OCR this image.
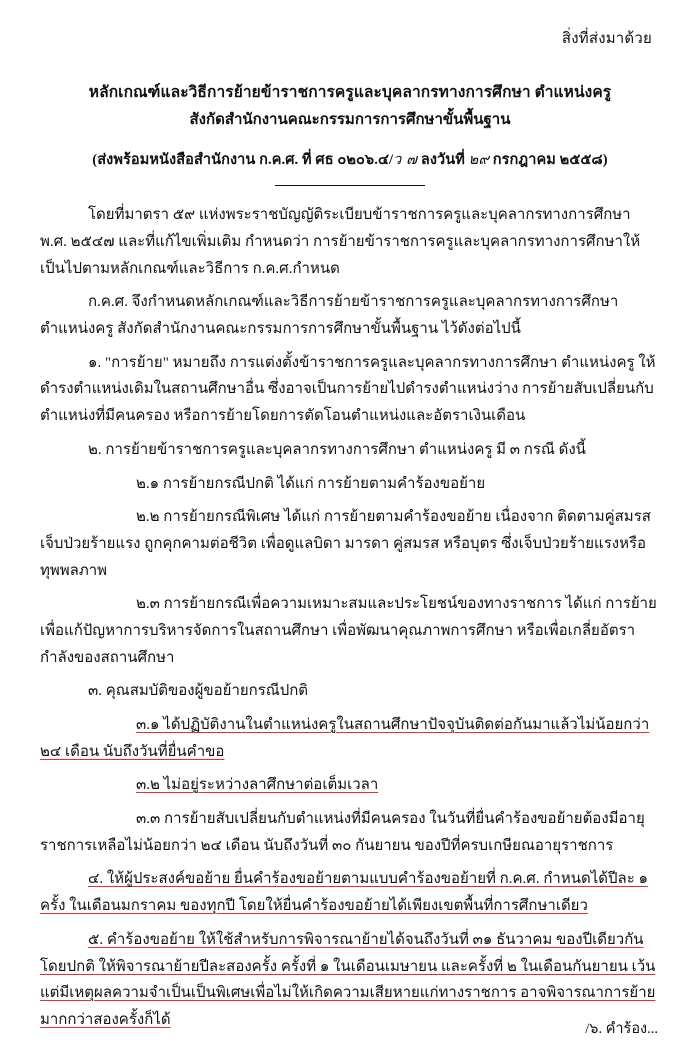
สิ่งที่ส่งมาด้วย
หลักเกณฑ์และวิธีการย้ายข้าราชการครูและบุคลากรทางการศึกษา ตำแหน่งครู
สังกัดสำนักงานคณะกรรมการการศึกษาขั้นพื้นฐาน
(ส่งพร้อมหนังสือสำนักงาน ก.ค.ศ. ที่ ศธ ๐๒๐๖.๔/ว ๗ ลงวันที่ ๒๙ กรกฎาคม ๒๕๕๘)

โดยที่มาตรา ๕๙ แห่งพระราชบัญญัติระเบียบข้าราชการครูและบุคลากรทางการศึกษา พ.ศ. ๒๕๔๗ และที่แก้ไขเพิ่มเติม กำหนดว่า การย้ายข้าราชการครูและบุคลากรทางการศึกษาให้เป็นไปตามหลักเกณฑ์และวิธีการ ก.ค.ศ.กำหนด

ก.ค.ศ. จึงกำหนดหลักเกณฑ์และวิธีการย้ายข้าราชการครูและบุคลากรทางการศึกษา ตำแหน่งครู สังกัดสำนักงานคณะกรรมการการศึกษาขั้นพื้นฐาน ไว้ดังต่อไปนี้

๑. "การย้าย" หมายถึง การแต่งตั้งข้าราชการครูและบุคลากรทางการศึกษา ตำแหน่งครู ให้ดำรงตำแหน่งเดิมในสถานศึกษาอื่น ซึ่งอาจเป็นการย้ายไปดำรงตำแหน่งว่าง การย้ายสับเปลี่ยนกับตำแหน่งที่มีคนครอง หรือการย้ายโดยการตัดโอนตำแหน่งและอัตราเงินเดือน

๒. การย้ายข้าราชการครูและบุคลากรทางการศึกษา ตำแหน่งครู มี ๓ กรณี ดังนี้

๒.๑ การย้ายกรณีปกติ ได้แก่ การย้ายตามคำร้องขอย้าย

๒.๒ การย้ายกรณีพิเศษ ได้แก่ การย้ายตามคำร้องขอย้าย เนื่องจาก ติดตามคู่สมรส เจ็บป่วยร้ายแรง ถูกคุกคามต่อชีวิต เพื่อดูแลบิดา มารดา คู่สมรส หรือบุตร ซึ่งเจ็บป่วยร้ายแรงหรือทุพพลภาพ

๒.๓ การย้ายกรณีเพื่อความเหมาะสมและประโยชน์ของทางราชการ ได้แก่ การย้ายเพื่อแก้ปัญหาการบริหารจัดการในสถานศึกษา เพื่อพัฒนาคุณภาพการศึกษา หรือเพื่อเกลี่ยอัตรากำลังของสถานศึกษา

๓. คุณสมบัติของผู้ขอย้ายกรณีปกติ

๓.๑ ได้ปฏิบัติงานในตำแหน่งครูในสถานศึกษาปัจจุบันติดต่อกันมาแล้วไม่น้อยกว่า ๒๔ เดือน นับถึงวันที่ยื่นคำขอ

๓.๒ ไม่อยู่ระหว่างลาศึกษาต่อเต็มเวลา

๓.๓ การย้ายสับเปลี่ยนกับตำแหน่งที่มีคนครอง ในวันที่ยื่นคำร้องขอย้ายต้องมีอายุราชการเหลือไม่น้อยกว่า ๒๔ เดือน นับถึงวันที่ ๓๐ กันยายน ของปีที่ครบเกษียณอายุราชการ

๔. ให้ผู้ประสงค์ขอย้าย ยื่นคำร้องขอย้ายตามแบบคำร้องขอย้ายที่ ก.ค.ศ. กำหนดได้ปีละ ๑ ครั้ง ในเดือนมกราคม ของทุกปี โดยให้ยื่นคำร้องขอย้ายได้เพียงเขตพื้นที่การศึกษาเดียว

๕. คำร้องขอย้าย ให้ใช้สำหรับการพิจารณาย้ายได้จนถึงวันที่ ๓๑ ธันวาคม ของปีเดียวกัน โดยปกติ ให้พิจารณาย้ายปีละสองครั้ง ครั้งที่ ๑ ในเดือนเมษายน และครั้งที่ ๒ ในเดือนกันยายน เว้นแต่มีเหตุผลความจำเป็นเป็นพิเศษเพื่อไม่ให้เกิดความเสียหายแก่ทางราชการ อาจพิจารณาการย้ายมากกว่าสองครั้งก็ได้

/๖. คำร้อง...
